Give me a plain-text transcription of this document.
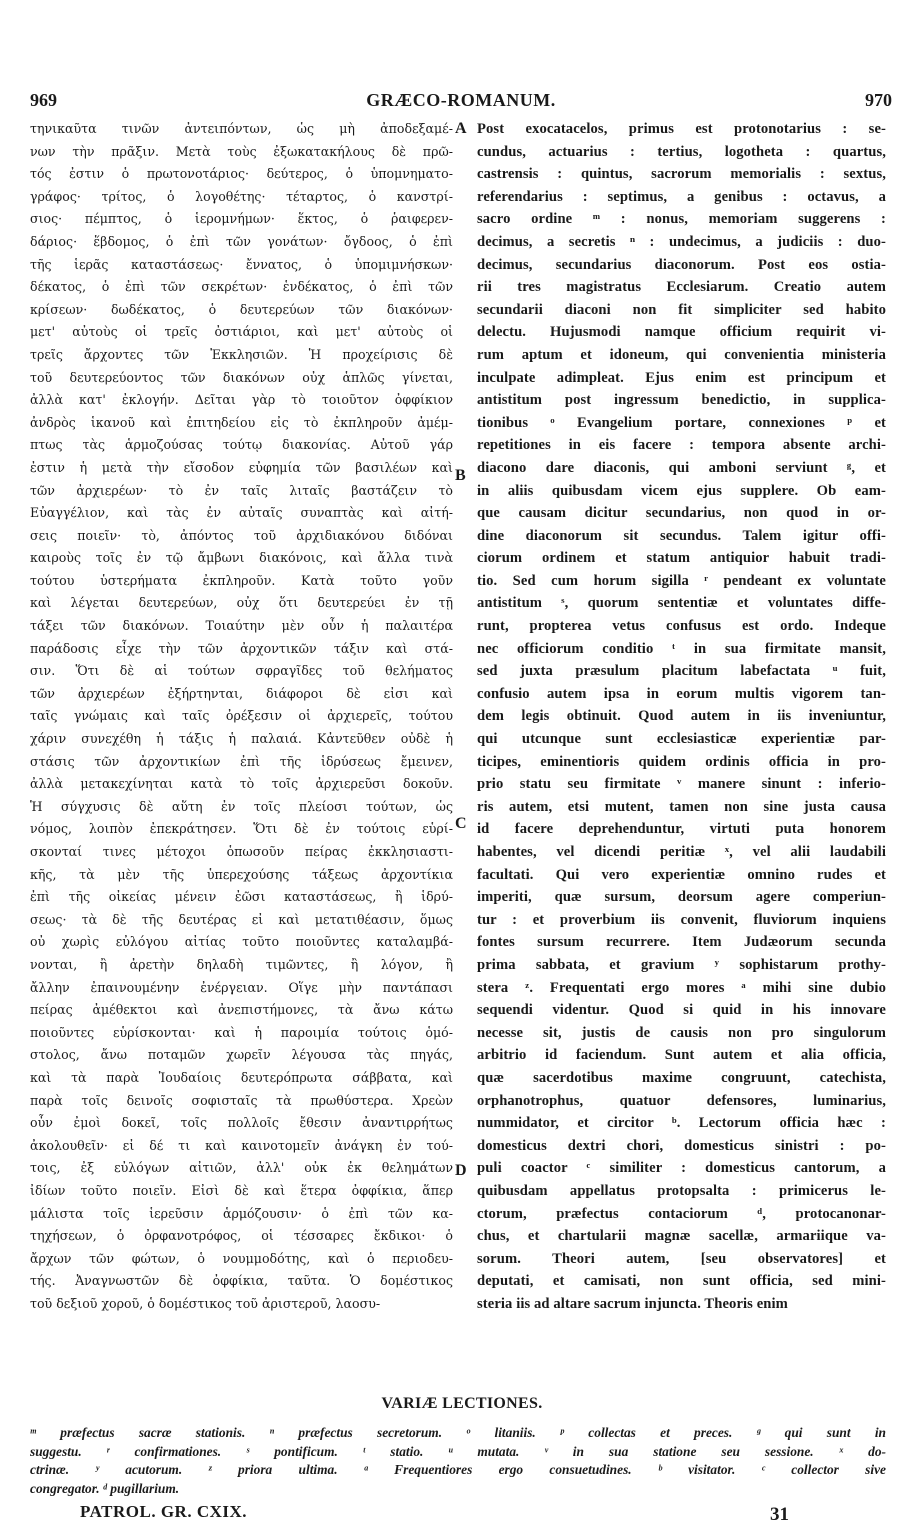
969	GRÆCO-ROMANUM.	970
τηνικαῦτα τινῶν ἀντειπόντων, ὡς μὴ ἀποδεξαμέ-
νων τὴν πρᾶξιν. Μετὰ τοὺς ἐξωκατακήλους δὲ πρῶ-
τός ἐστιν ὁ πρωτονοτάριος· δεύτερος, ὁ ὑπομνηματο-
γράφος· τρίτος, ὁ λογοθέτης· τέταρτος, ὁ κανστρί-
σιος· πέμπτος, ὁ ἱερομνήμων· ἕκτος, ὁ ῥαιφερεν-
δάριος· ἕβδομος, ὁ ἐπὶ τῶν γονάτων· ὄγδοος, ὁ ἐπὶ
τῆς ἱερᾶς καταστάσεως· ἔννατος, ὁ ὑπομιμνήσκων·
δέκατος, ὁ ἐπὶ τῶν σεκρέτων· ἑνδέκατος, ὁ ἐπὶ τῶν
κρίσεων· δωδέκατος, ὁ δευτερεύων τῶν διακόνων·
μετ' αὐτοὺς οἱ τρεῖς ὀστιάριοι, καὶ μετ' αὐτοὺς οἱ
τρεῖς ἄρχοντες τῶν Ἐκκλησιῶν. Ἡ προχείρισις δὲ
τοῦ δευτερεύοντος τῶν διακόνων οὐχ ἁπλῶς γίνεται,
ἀλλὰ κατ' ἐκλογήν. Δεῖται γὰρ τὸ τοιοῦτον ὀφφίκιον
ἀνδρὸς ἱκανοῦ καὶ ἐπιτηδείου εἰς τὸ ἐκπληροῦν ἀμέμ-
πτως τὰς ἁρμοζούσας τούτῳ διακονίας. Αὐτοῦ γάρ
ἐστιν ἡ μετὰ τὴν εἴσοδον εὐφημία τῶν βασιλέων καὶ
τῶν ἀρχιερέων· τὸ ἐν ταῖς λιταῖς βαστάζειν τὸ
Εὐαγγέλιον, καὶ τὰς ἐν αὐταῖς συναπτὰς καὶ αἰτή-
σεις ποιεῖν· τὸ, ἀπόντος τοῦ ἀρχιδιακόνου διδόναι
καιροὺς τοῖς ἐν τῷ ἄμβωνι διακόνοις, καὶ ἄλλα τινὰ
τούτου ὑστερήματα ἐκπληροῦν. Κατὰ τοῦτο γοῦν
καὶ λέγεται δευτερεύων, οὐχ ὅτι δευτερεύει ἐν τῇ
τάξει τῶν διακόνων. Τοιαύτην μὲν οὖν ἡ παλαιτέρα
παράδοσις εἶχε τὴν τῶν ἀρχοντικῶν τάξιν καὶ στά-
σιν. Ὅτι δὲ αἱ τούτων σφραγῖδες τοῦ θελήματος
τῶν ἀρχιερέων ἐξήρτηνται, διάφοροι δὲ εἰσι καὶ
ταῖς γνώμαις καὶ ταῖς ὀρέξεσιν οἱ ἀρχιερεῖς, τούτου
χάριν συνεχέθη ἡ τάξις ἡ παλαιά. Κἀντεῦθεν οὐδὲ ἡ
στάσις τῶν ἀρχοντικίων ἐπὶ τῆς ἱδρύσεως ἔμεινεν,
ἀλλὰ μετακεχίνηται κατὰ τὸ τοῖς ἀρχιερεῦσι δοκοῦν.
Ἡ σύγχυσις δὲ αὕτη ἐν τοῖς πλείοσι τούτων, ὡς
νόμος, λοιπὸν ἐπεκράτησεν. Ὅτι δὲ ἐν τούτοις εὑρί-
σκονταί τινες μέτοχοι ὁπωσοῦν πείρας ἐκκλησιαστι-
κῆς, τὰ μὲν τῆς ὑπερεχούσης τάξεως ἀρχοντίκια
ἐπὶ τῆς οἰκείας μένειν ἐῶσι καταστάσεως, ἢ ἱδρύ-
σεως· τὰ δὲ τῆς δευτέρας εἰ καὶ μετατιθέασιν, ὅμως
οὐ χωρὶς εὐλόγου αἰτίας τοῦτο ποιοῦντες καταλαμβά-
νονται, ἢ ἀρετὴν δηλαδὴ τιμῶντες, ἢ λόγον, ἢ
ἄλλην ἐπαινουμένην ἐνέργειαν. Οἵγε μὴν παντάπασι
πείρας ἀμέθεκτοι καὶ ἀνεπιστήμονες, τὰ ἄνω κάτω
ποιοῦντες εὑρίσκονται· καὶ ἡ παροιμία τούτοις ὁμό-
στολος, ἄνω ποταμῶν χωρεῖν λέγουσα τὰς πηγάς,
καὶ τὰ παρὰ Ἰουδαίοις δευτερόπρωτα σάββατα, καὶ
παρὰ τοῖς δεινοῖς σοφισταῖς τὰ πρωθύστερα. Χρεὼν
οὖν ἐμοὶ δοκεῖ, τοῖς πολλοῖς ἔθεσιν ἀναντιρρήτως
ἀκολουθεῖν· εἰ δέ τι καὶ καινοτομεῖν ἀνάγκη ἐν τού-
τοις, ἐξ εὐλόγων αἰτιῶν, ἀλλ' οὐκ ἐκ θελημάτων
ἰδίων τοῦτο ποιεῖν. Εἰσὶ δὲ καὶ ἕτερα ὀφφίκια, ἅπερ
μάλιστα τοῖς ἱερεῦσιν ἁρμόζουσιν· ὁ ἐπὶ τῶν κα-
τηχήσεων, ὁ ὀρφανοτρόφος, οἱ τέσσαρες ἔκδικοι· ὁ
ἄρχων τῶν φώτων, ὁ νουμμοδότης, καὶ ὁ περιοδευ-
τής. Ἀναγνωστῶν δὲ ὀφφίκια, ταῦτα. Ὁ δομέστικος
τοῦ δεξιοῦ χοροῦ, ὁ δομέστικος τοῦ ἀριστεροῦ, λαοσυ-
Post exocatacelos, primus est protonotarius : se-
cundus, actuarius : tertius, logotheta : quartus,
castrensis : quintus, sacrorum memorialis : sextus,
referendarius : septimus, a genibus : octavus, a
sacro ordine ᵐ : nonus, memoriam suggerens :
decimus, a secretis ⁿ : undecimus, a judiciis : duo-
decimus, secundarius diaconorum. Post eos ostia-
rii tres magistratus Ecclesiarum. Creatio autem
secundarii diaconi non fit simpliciter sed habito
delectu. Hujusmodi namque officium requirit vi-
rum aptum et idoneum, qui convenientia ministeria
inculpate adimpleat. Ejus enim est principum et
antistitum post ingressum benedictio, in supplica-
tionibus ᵒ Evangelium portare, connexiones ᵖ et
repetitiones in eis facere : tempora absente archi-
diacono dare diaconis, qui amboni serviunt ᵍ, et
in aliis quibusdam vicem ejus supplere. Ob eam-
que causam dicitur secundarius, non quod in or-
dine diaconorum sit secundus. Talem igitur offi-
ciorum ordinem et statum antiquior habuit tradi-
tio. Sed cum horum sigilla ʳ pendeant ex voluntate
antistitum ˢ, quorum sententiæ et voluntates diffe-
runt, propterea vetus confusus est ordo. Indeque
nec officiorum conditio ᵗ in sua firmitate mansit,
sed juxta præsulum placitum labefactata ᵘ fuit,
confusio autem ipsa in eorum multis vigorem tan-
dem legis obtinuit. Quod autem in iis inveniuntur,
qui utcunque sunt ecclesiasticæ experientiæ par-
ticipes, eminentioris quidem ordinis officia in pro-
prio statu seu firmitate ᵛ manere sinunt : inferio-
ris autem, etsi mutent, tamen non sine justa causa
id facere deprehenduntur, virtuti puta honorem
habentes, vel dicendi peritiæ ˣ, vel alii laudabili
facultati. Qui vero experientiæ omnino rudes et
imperiti, quæ sursum, deorsum agere comperiun-
tur : et proverbium iis convenit, fluviorum inquiens
fontes sursum recurrere. Item Judæorum secunda
prima sabbata, et gravium ʸ sophistarum prothy-
stera ᶻ. Frequentati ergo mores ᵃ mihi sine dubio
sequendi videntur. Quod si quid in his innovare
necesse sit, justis de causis non pro singulorum
arbitrio id faciendum. Sunt autem et alia officia,
quæ sacerdotibus maxime congruunt, catechista,
orphanotrophus, quatuor defensores, luminarius,
nummidator, et circitor ᵇ. Lectorum officia hæc :
domesticus dextri chori, domesticus sinistri : po-
puli coactor ᶜ similiter : domesticus cantorum, a
quibusdam appellatus protopsalta : primicerus le-
ctorum, præfectus contaciorum ᵈ, protocanonar-
chus, et chartularii magnæ sacellæ, armariique va-
sorum. Theori autem, [seu observatores] et
deputati, et camisati, non sunt officia, sed mini-
steria iis ad altare sacrum injuncta. Theoris enim
A
B
C
D
VARIÆ LECTIONES.
ᵐ præfectus sacræ stationis. ⁿ præfectus secretorum. ᵒ litaniis. ᵖ collectas et preces. ᵍ qui sunt in
suggestu. ʳ confirmationes. ˢ pontificum. ᵗ statio. ᵘ mutata. ᵛ in sua statione seu sessione. ˣ do-
ctrinæ. ʸ acutorum. ᶻ priora ultima. ᵃ Frequentiores ergo consuetudines. ᵇ visitator. ᶜ collector sive
congregator. ᵈ pugillarium.
PATROL. GR. CXIX.	31
